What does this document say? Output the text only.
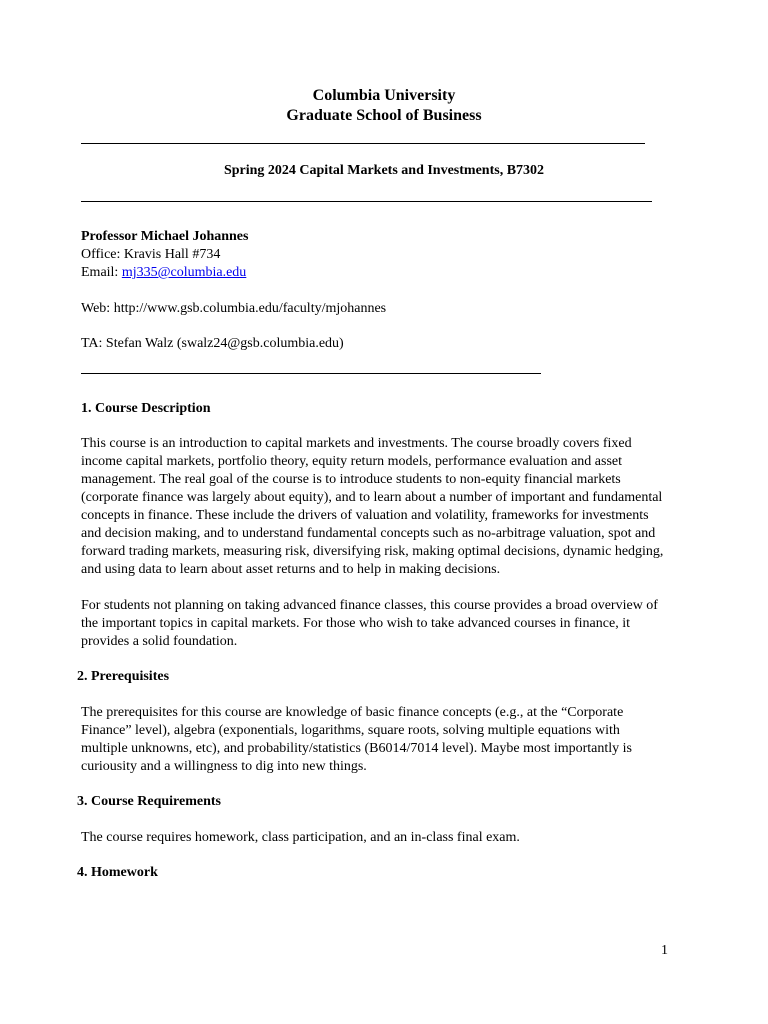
Columbia University
Graduate School of Business
Spring 2024 Capital Markets and Investments, B7302
Professor Michael Johannes
Office: Kravis Hall #734
Email: mj335@columbia.edu
Web: http://www.gsb.columbia.edu/faculty/mjohannes
TA: Stefan Walz (swalz24@gsb.columbia.edu)
1. Course Description
This course is an introduction to capital markets and investments. The course broadly covers fixed
income capital markets, portfolio theory, equity return models, performance evaluation and asset
management. The real goal of the course is to introduce students to non-equity financial markets
(corporate finance was largely about equity), and to learn about a number of important and fundamental
concepts in finance. These include the drivers of valuation and volatility, frameworks for investments
and decision making, and to understand fundamental concepts such as no-arbitrage valuation, spot and
forward trading markets, measuring risk, diversifying risk, making optimal decisions, dynamic hedging,
and using data to learn about asset returns and to help in making decisions.
For students not planning on taking advanced finance classes, this course provides a broad overview of
the important topics in capital markets. For those who wish to take advanced courses in finance, it
provides a solid foundation.
2. Prerequisites
The prerequisites for this course are knowledge of basic finance concepts (e.g., at the “Corporate
Finance” level), algebra (exponentials, logarithms, square roots, solving multiple equations with
multiple unknowns, etc), and probability/statistics (B6014/7014 level). Maybe most importantly is
curiousity and a willingness to dig into new things.
3. Course Requirements
The course requires homework, class participation, and an in-class final exam.
4. Homework
1
